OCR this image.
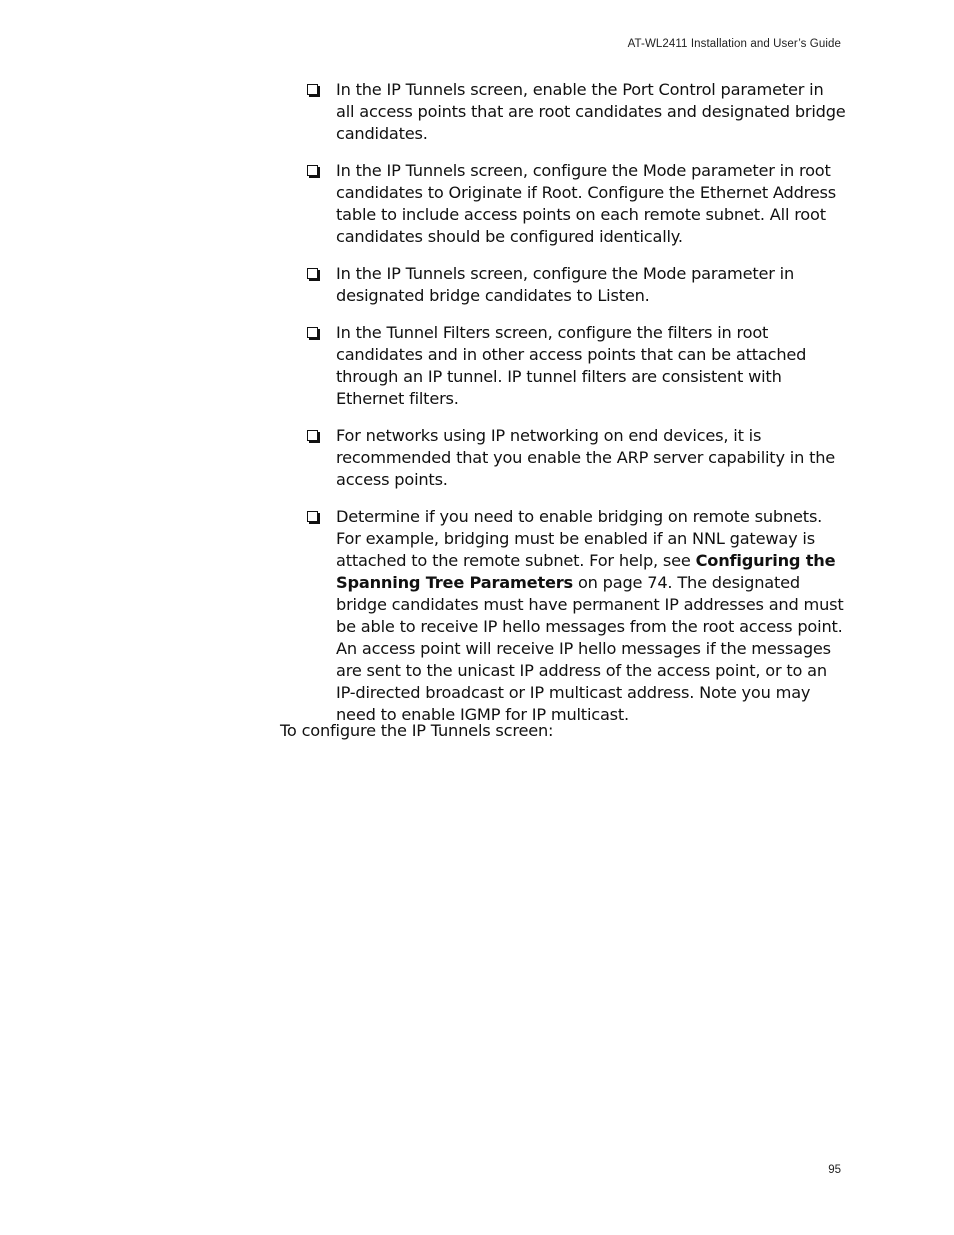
AT-WL2411 Installation and User’s Guide
In the IP Tunnels screen, enable the Port Control parameter in all access points that are root candidates and designated bridge candidates.
In the IP Tunnels screen, configure the Mode parameter in root candidates to Originate if Root. Configure the Ethernet Address table to include access points on each remote subnet. All root candidates should be configured identically.
In the IP Tunnels screen, configure the Mode parameter in designated bridge candidates to Listen.
In the Tunnel Filters screen, configure the filters in root candidates and in other access points that can be attached through an IP tunnel. IP tunnel filters are consistent with Ethernet filters.
For networks using IP networking on end devices, it is recommended that you enable the ARP server capability in the access points.
Determine if you need to enable bridging on remote subnets. For example, bridging must be enabled if an NNL gateway is attached to the remote subnet. For help, see Configuring the Spanning Tree Parameters on page 74. The designated bridge candidates must have permanent IP addresses and must be able to receive IP hello messages from the root access point. An access point will receive IP hello messages if the messages are sent to the unicast IP address of the access point, or to an IP-directed broadcast or IP multicast address. Note you may need to enable IGMP for IP multicast.
To configure the IP Tunnels screen:
95
